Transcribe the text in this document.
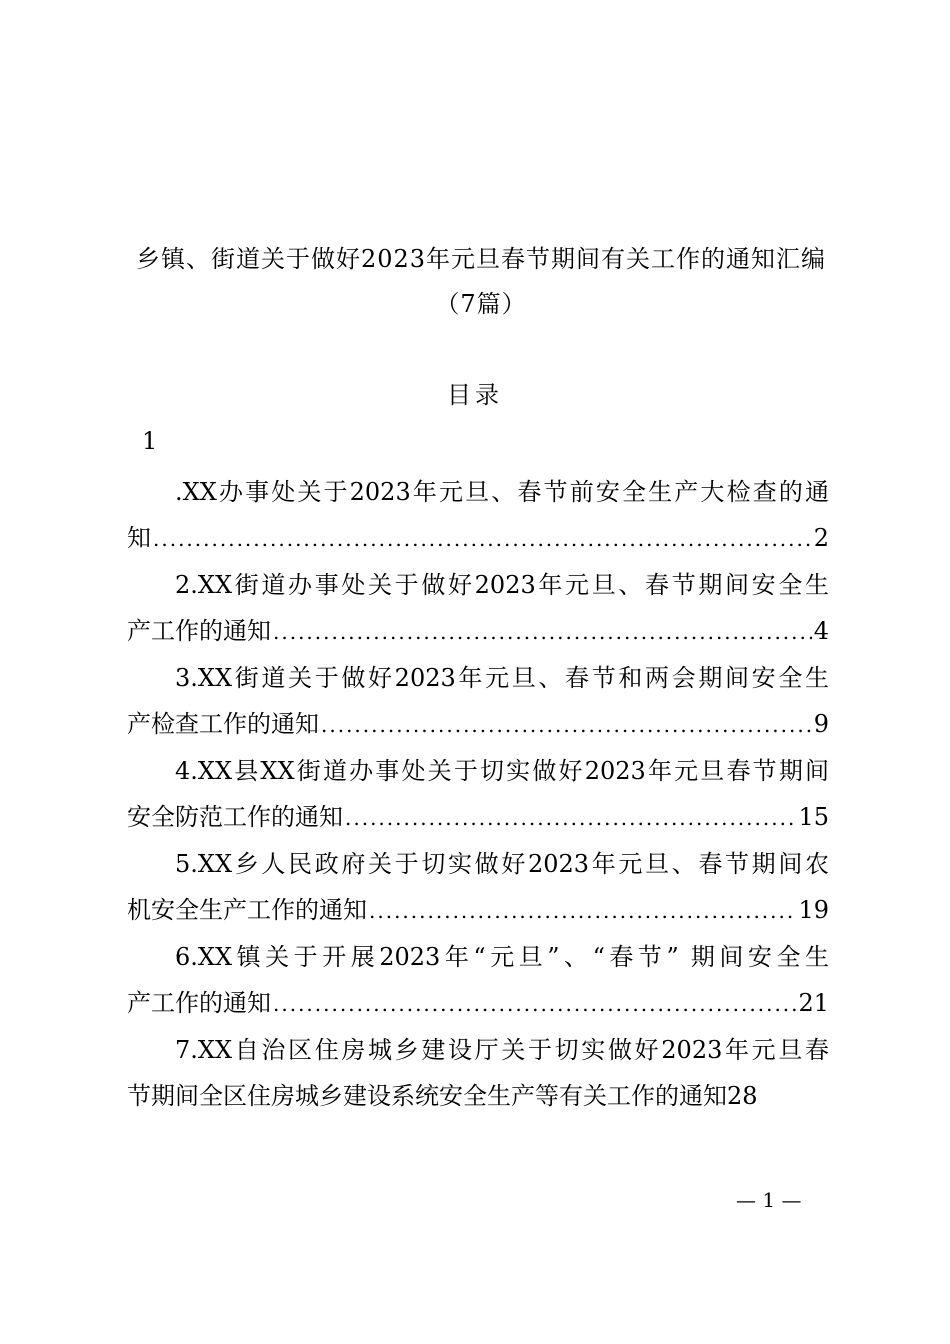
乡镇、街道关于做好2023年元旦春节期间有关工作的通知汇编
（7篇）
目录
1
.XX办事处关于2023年元旦、春节前安全生产大检查的通
知 .....	2
2.XX街道办事处关于做好2023年元旦、春节期间安全生
产工作的通知 .....	4
3.XX街道关于做好2023年元旦、春节和两会期间安全生
产检查工作的通知 .....	9
4.XX县XX街道办事处关于切实做好2023年元旦春节期间
安全防范工作的通知 .....	15
5.XX乡人民政府关于切实做好2023年元旦、春节期间农
机安全生产工作的通知 .....	19
6.XX镇关于开展2023年“元旦”、“春节” 期间安全生
产工作的通知 .....	21
7.XX自治区住房城乡建设厅关于切实做好2023年元旦春
节期间全区住房城乡建设系统安全生产等有关工作的通知 28
— 1 —
